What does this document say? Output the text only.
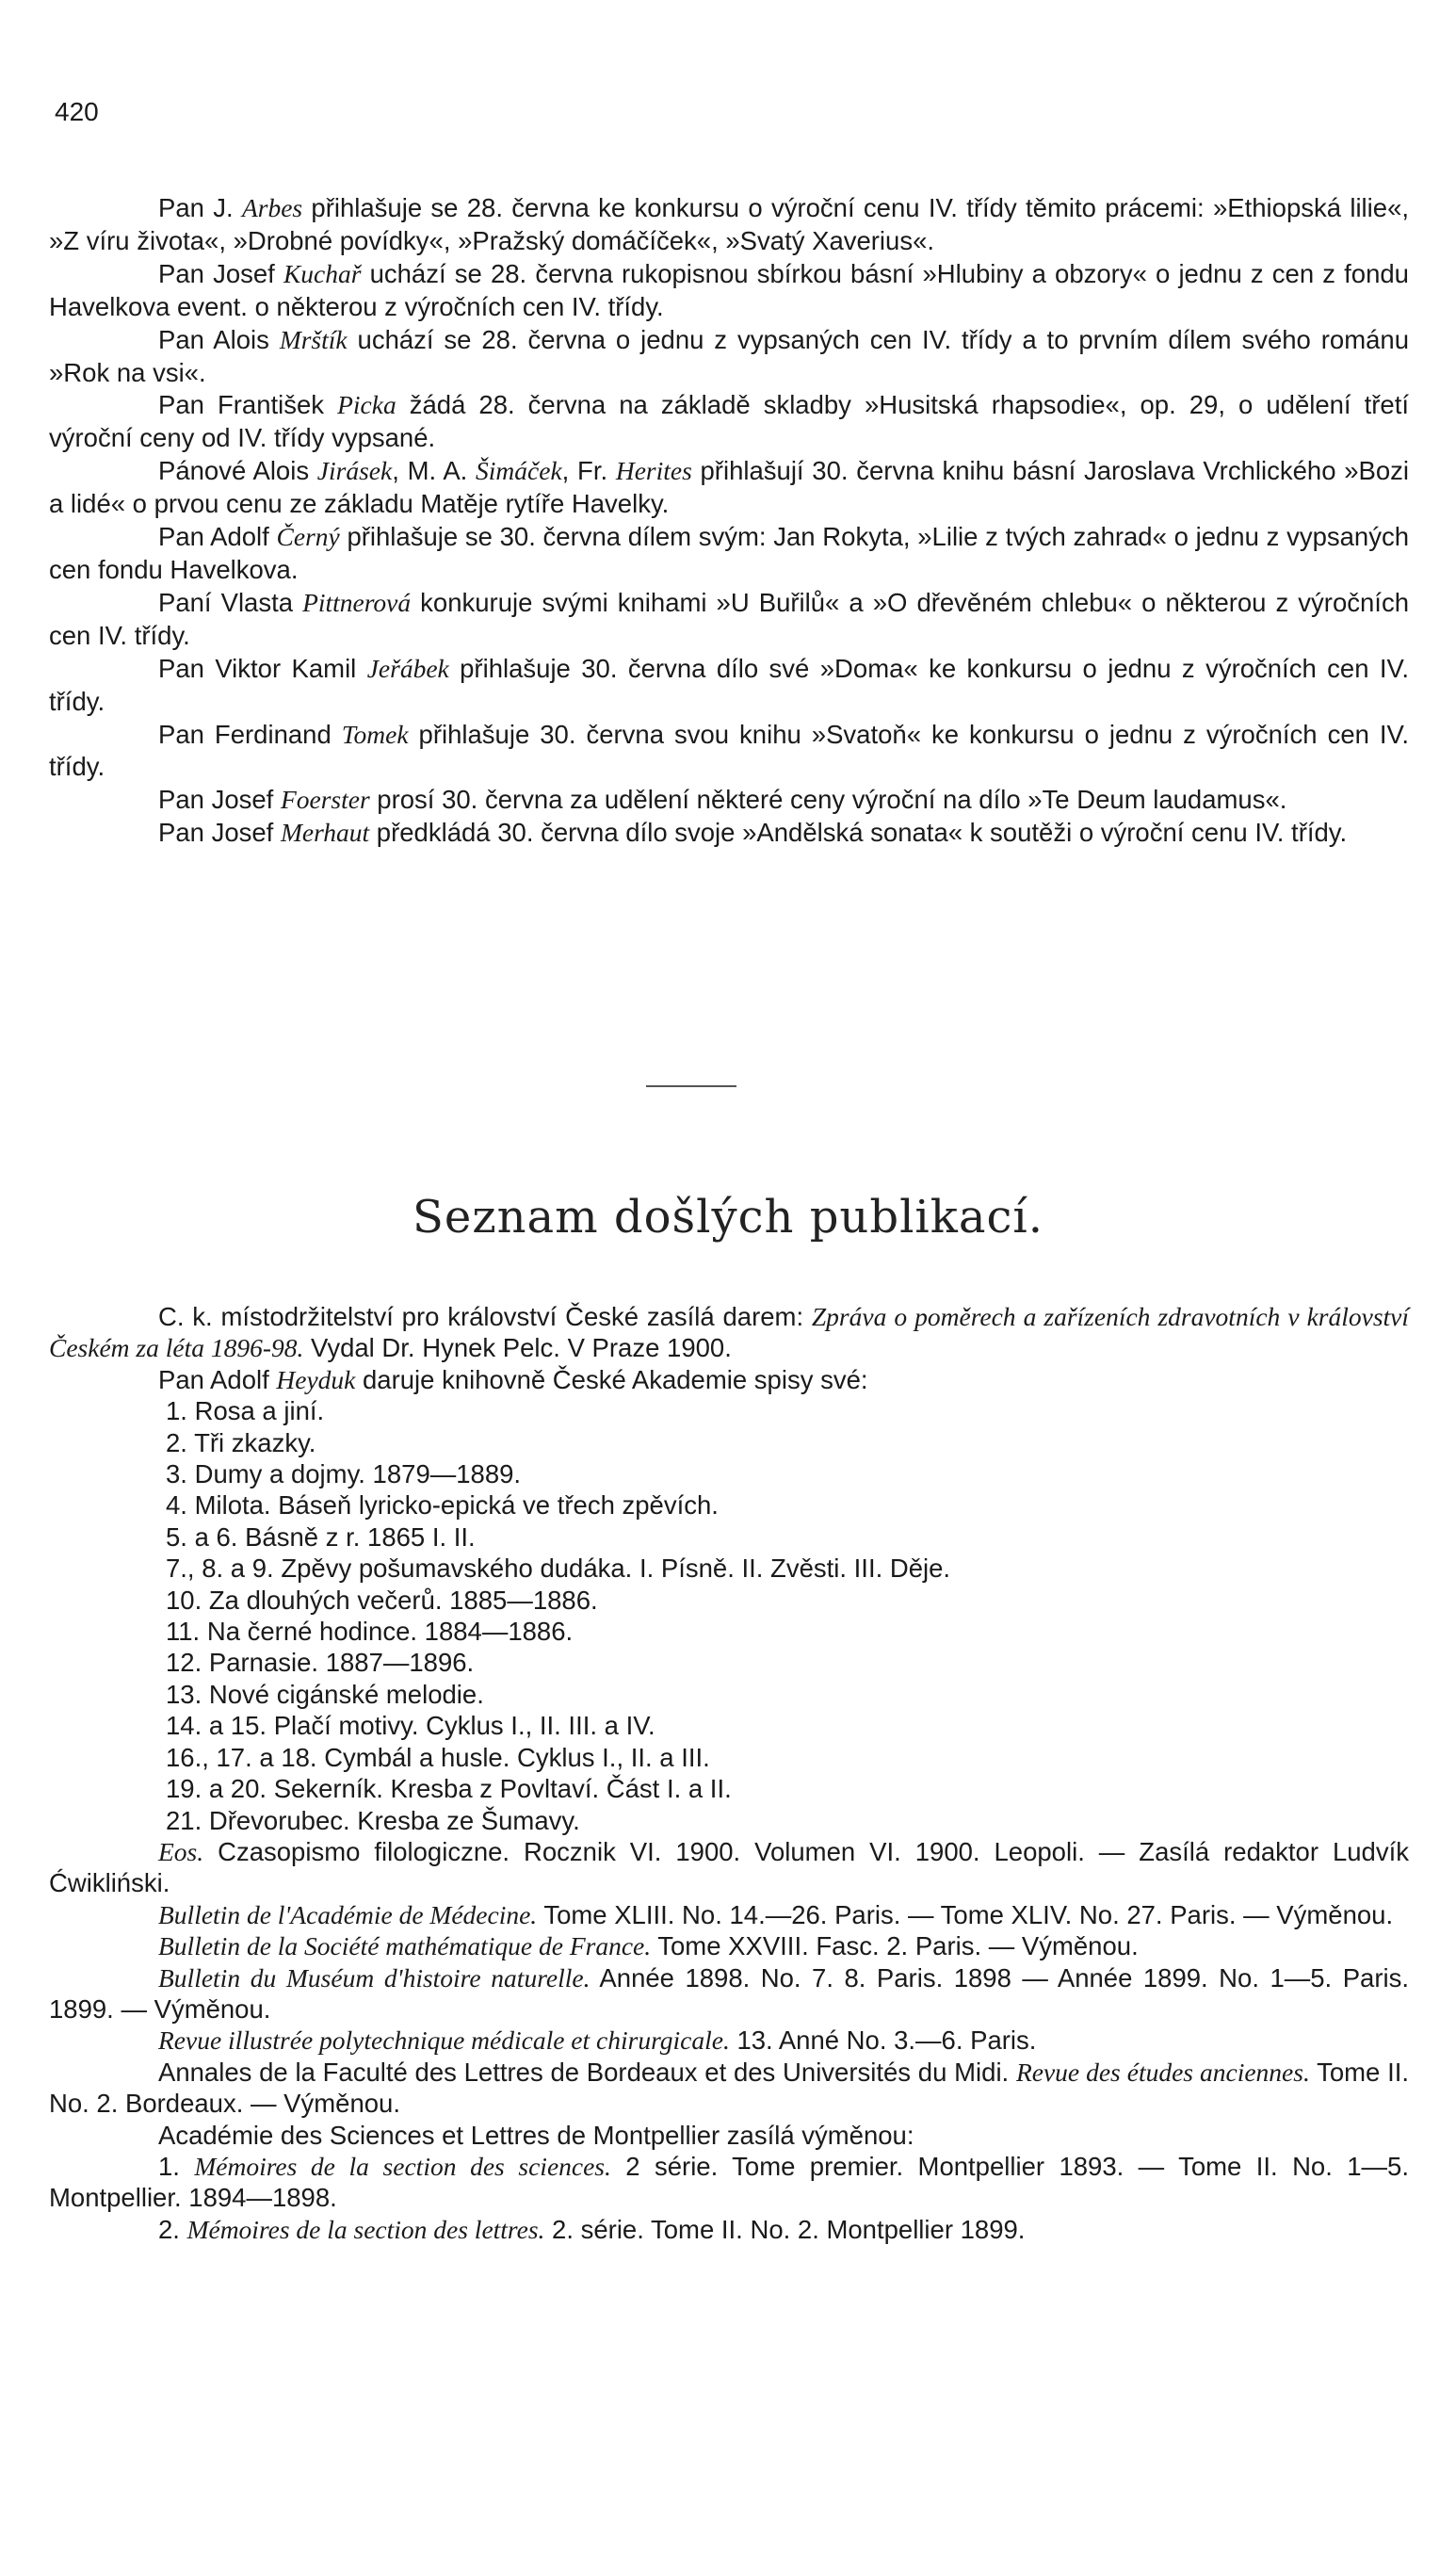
420

Pan J. Arbes přihlašuje se 28. června ke konkursu o výroční cenu IV. třídy těmito prácemi: »Ethiopská lilie«, »Z víru života«, »Drobné povídky«, »Pražský domáčíček«, »Svatý Xaverius«.

Pan Josef Kuchař uchází se 28. června rukopisnou sbírkou básní »Hlubiny a obzory« o jednu z cen z fondu Havelkova event. o některou z výročních cen IV. třídy.

Pan Alois Mrštík uchází se 28. června o jednu z vypsaných cen IV. třídy a to prvním dílem svého románu »Rok na vsi«.

Pan František Picka žádá 28. června na základě skladby »Husitská rhapsodie«, op. 29, o udělení třetí výroční ceny od IV. třídy vypsané.

Pánové Alois Jirásek, M. A. Šimáček, Fr. Herites přihlašují 30. června knihu básní Jaroslava Vrchlického »Bozi a lidé« o prvou cenu ze základu Matěje rytíře Havelky.

Pan Adolf Černý přihlašuje se 30. června dílem svým: Jan Rokyta, »Lilie z tvých zahrad« o jednu z vypsaných cen fondu Havelkova.

Paní Vlasta Pittnerová konkuruje svými knihami »U Buřilů« a »O dřevěném chlebu« o některou z výročních cen IV. třídy.

Pan Viktor Kamil Jeřábek přihlašuje 30. června dílo své »Doma« ke konkursu o jednu z výročních cen IV. třídy.

Pan Ferdinand Tomek přihlašuje 30. června svou knihu »Svatoň« ke konkursu o jednu z výročních cen IV. třídy.

Pan Josef Foerster prosí 30. června za udělení některé ceny výroční na dílo »Te Deum laudamus«.

Pan Josef Merhaut předkládá 30. června dílo svoje »Andělská sonata« k soutěži o výroční cenu IV. třídy.

Seznam došlých publikací.

C. k. místodržitelství pro království České zasílá darem: Zpráva o poměrech a zařízeních zdravotních v království Českém za léta 1896-98. Vydal Dr. Hynek Pelc. V Praze 1900.

Pan Adolf Heyduk daruje knihovně České Akademie spisy své:

1. Rosa a jiní.

2. Tři zkazky.

3. Dumy a dojmy. 1879—1889.

4. Milota. Báseň lyricko-epická ve třech zpěvích.

5. a 6. Básně z r. 1865 I. II.

7., 8. a 9. Zpěvy pošumavského dudáka. I. Písně. II. Zvěsti. III. Děje.

10. Za dlouhých večerů. 1885—1886.

11. Na černé hodince. 1884—1886.

12. Parnasie. 1887—1896.

13. Nové cigánské melodie.

14. a 15. Plačí motivy. Cyklus I., II. III. a IV.

16., 17. a 18. Cymbál a husle. Cyklus I., II. a III.

19. a 20. Sekerník. Kresba z Povltaví. Část I. a II.

21. Dřevorubec. Kresba ze Šumavy.

Eos. Czasopismo filologiczne. Rocznik VI. 1900. Volumen VI. 1900. Leopoli. — Zasílá redaktor Ludvík Ćwikliński.

Bulletin de l'Académie de Médecine. Tome XLIII. No. 14.—26. Paris. — Tome XLIV. No. 27. Paris. — Výměnou.

Bulletin de la Société mathématique de France. Tome XXVIII. Fasc. 2. Paris. — Výměnou.

Bulletin du Muséum d'histoire naturelle. Année 1898. No. 7. 8. Paris. 1898 — Année 1899. No. 1—5. Paris. 1899. — Výměnou.

Revue illustrée polytechnique médicale et chirurgicale. 13. Anné No. 3.—6. Paris.

Annales de la Faculté des Lettres de Bordeaux et des Universités du Midi. Revue des études anciennes. Tome II. No. 2. Bordeaux. — Výměnou.

Académie des Sciences et Lettres de Montpellier zasílá výměnou:

1. Mémoires de la section des sciences. 2 série. Tome premier. Montpellier 1893. — Tome II. No. 1—5. Montpellier. 1894—1898.

2. Mémoires de la section des lettres. 2. série. Tome II. No. 2. Montpellier 1899.
